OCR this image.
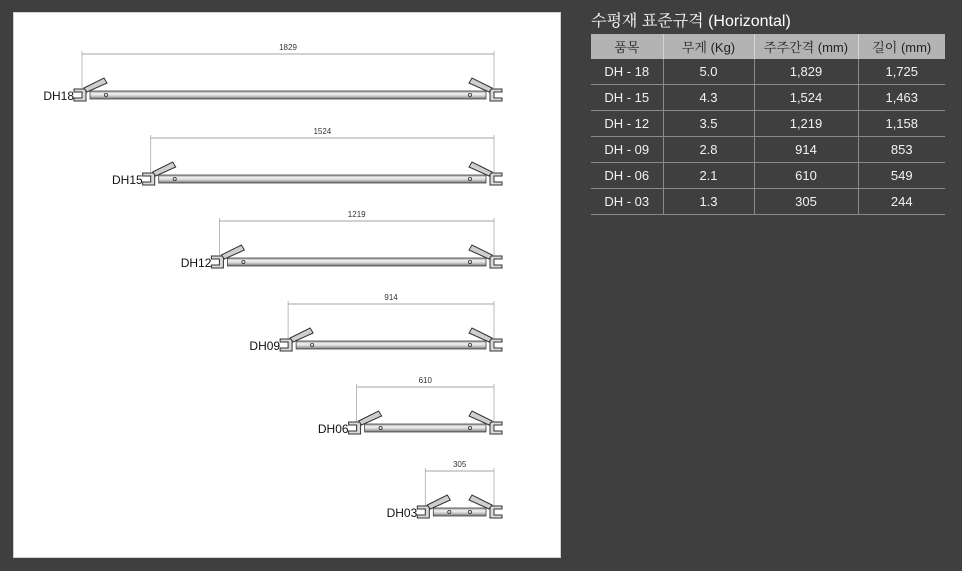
1829
DH18
1524
DH15
1219
DH12
914
DH09
610
DH06
305
DH03
수평재 표준규격 (Horizontal)
품목	무게 (Kg)	주주간격 (mm)	길이 (mm)
DH - 18	5.0	1,829	1,725
DH - 15	4.3	1,524	1,463
DH - 12	3.5	1,219	1,158
DH - 09	2.8	914	853
DH - 06	2.1	610	549
DH - 03	1.3	305	244
